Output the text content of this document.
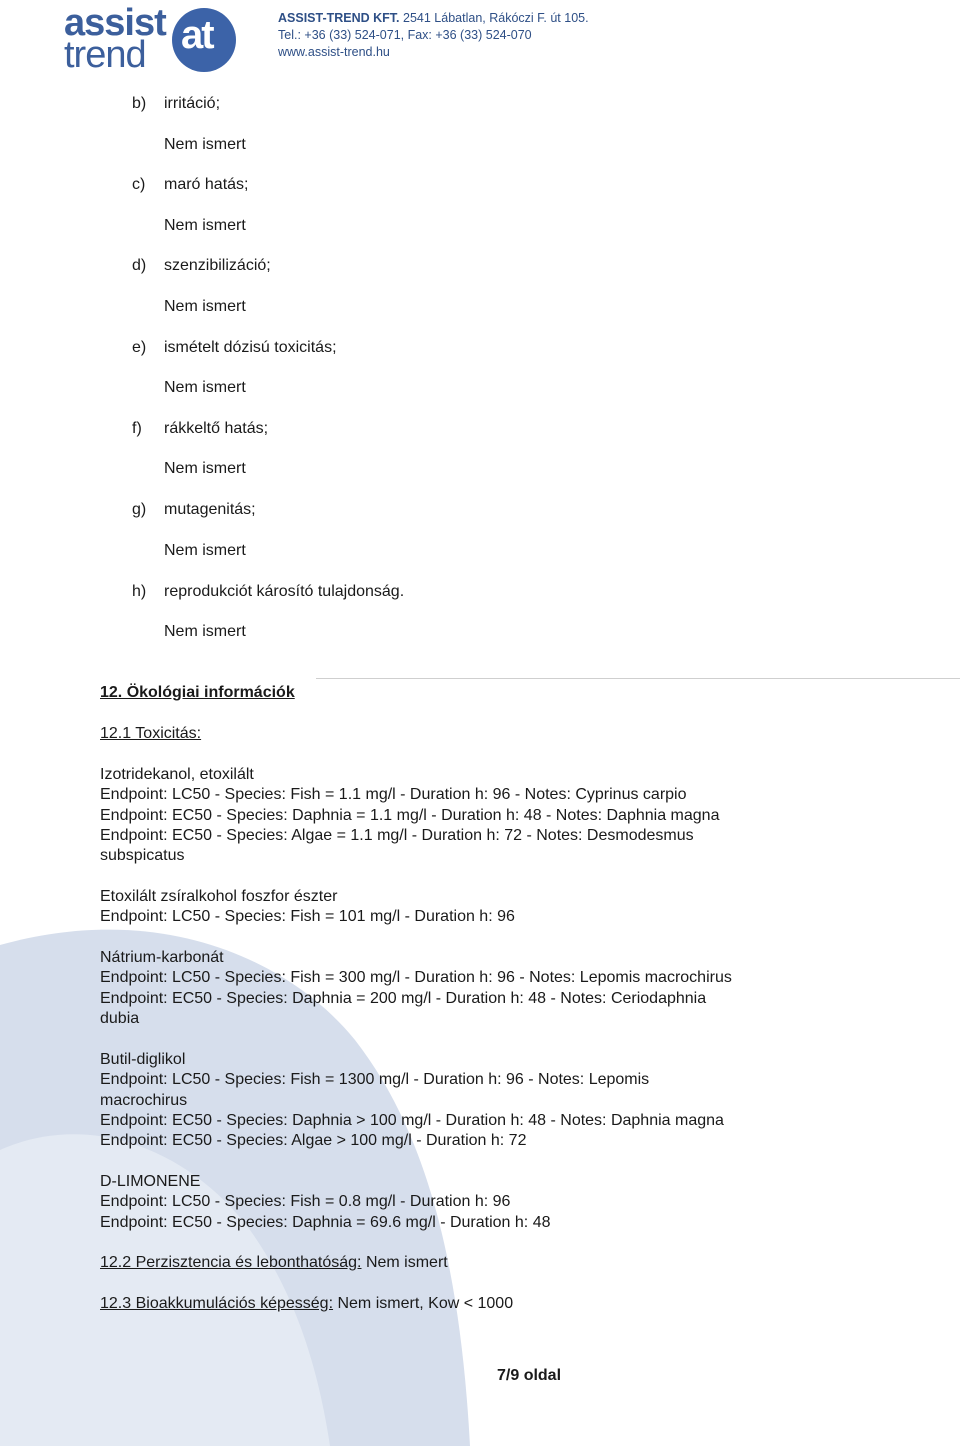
assist
trend at	ASSIST-TREND KFT. 2541 Lábatlan, Rákóczi F. út 105.
Tel.: +36 (33) 524-071, Fax: +36 (33) 524-070
www.assist-trend.hu
b) irritáció;
Nem ismert
c) maró hatás;
Nem ismert
d) szenzibilizáció;
Nem ismert
e) ismételt dózisú toxicitás;
Nem ismert
f) rákkeltő hatás;
Nem ismert
g) mutagenitás;
Nem ismert
h) reprodukciót károsító tulajdonság.
Nem ismert
12. Ökológiai információk
12.1 Toxicitás:
Izotridekanol, etoxilált
Endpoint: LC50 - Species: Fish = 1.1 mg/l - Duration h: 96 - Notes: Cyprinus carpio
Endpoint: EC50 - Species: Daphnia = 1.1 mg/l - Duration h: 48 - Notes: Daphnia magna
Endpoint: EC50 - Species: Algae = 1.1 mg/l - Duration h: 72 - Notes: Desmodesmus
subspicatus
Etoxilált zsíralkohol foszfor észter
Endpoint: LC50 - Species: Fish = 101 mg/l - Duration h: 96
Nátrium-karbonát
Endpoint: LC50 - Species: Fish = 300 mg/l - Duration h: 96 - Notes: Lepomis macrochirus
Endpoint: EC50 - Species: Daphnia = 200 mg/l - Duration h: 48 - Notes: Ceriodaphnia
dubia
Butil-diglikol
Endpoint: LC50 - Species: Fish = 1300 mg/l - Duration h: 96 - Notes: Lepomis
macrochirus
Endpoint: EC50 - Species: Daphnia > 100 mg/l - Duration h: 48 - Notes: Daphnia magna
Endpoint: EC50 - Species: Algae > 100 mg/l - Duration h: 72
D-LIMONENE
Endpoint: LC50 - Species: Fish = 0.8 mg/l - Duration h: 96
Endpoint: EC50 - Species: Daphnia = 69.6 mg/l - Duration h: 48
12.2 Perzisztencia és lebonthatóság: Nem ismert
12.3 Bioakkumulációs képesség: Nem ismert, Kow < 1000
7/9 oldal
